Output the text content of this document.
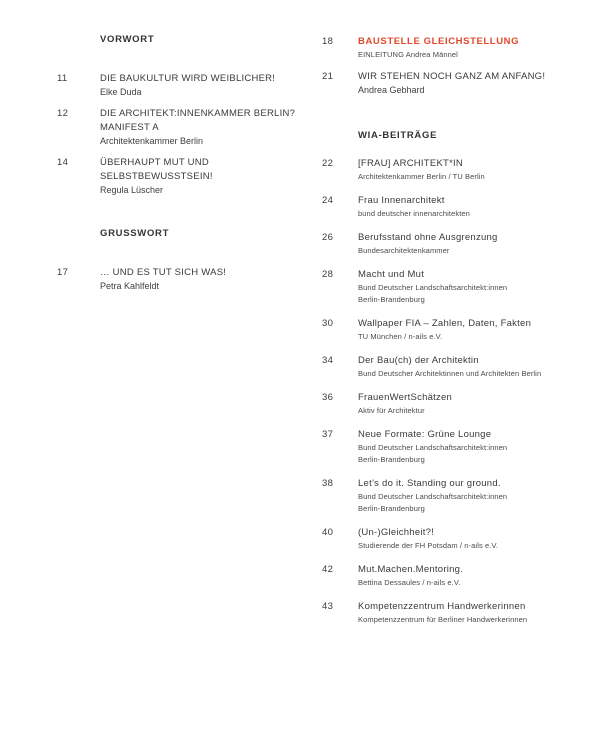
VORWORT
11	DIE BAUKULTUR WIRD WEIBLICHER!
Elke Duda
12	DIE ARCHITEKT:INNENKAMMER BERLIN?
MANIFEST A
Architektenkammer Berlin
14	ÜBERHAUPT MUT UND
SELBSTBEWUSSTSEIN!
Regula Lüscher
GRUSSWORT
17	… UND ES TUT SICH WAS!
Petra Kahlfeldt
18	BAUSTELLE GLEICHSTELLUNG
EINLEITUNG Andrea Männel
21	WIR STEHEN NOCH GANZ AM ANFANG!
Andrea Gebhard
WIA-BEITRÄGE
22	[FRAU] ARCHITEKT*IN
Architektenkammer Berlin / TU Berlin
24	Frau Innenarchitekt
bund deutscher innenarchitekten
26	Berufsstand ohne Ausgrenzung
Bundesarchitektenkammer
28	Macht und Mut
Bund Deutscher Landschaftsarchitekt:innen
Berlin-Brandenburg
30	Wallpaper FIA – Zahlen, Daten, Fakten
TU München / n-ails e.V.
34	Der Bau(ch) der Architektin
Bund Deutscher Architektinnen und Architekten Berlin
36	FrauenWertSchätzen
Aktiv für Architektur
37	Neue Formate: Grüne Lounge
Bund Deutscher Landschaftsarchitekt:innen
Berlin-Brandenburg
38	Let’s do it. Standing our ground.
Bund Deutscher Landschaftsarchitekt:innen
Berlin-Brandenburg
40	(Un-)Gleichheit?!
Studierende der FH Potsdam / n-ails e.V.
42	Mut.Machen.Mentoring.
Bettina Dessaules / n-ails e.V.
43	Kompetenzzentrum Handwerkerinnen
Kompetenzzentrum für Berliner Handwerkerinnen
